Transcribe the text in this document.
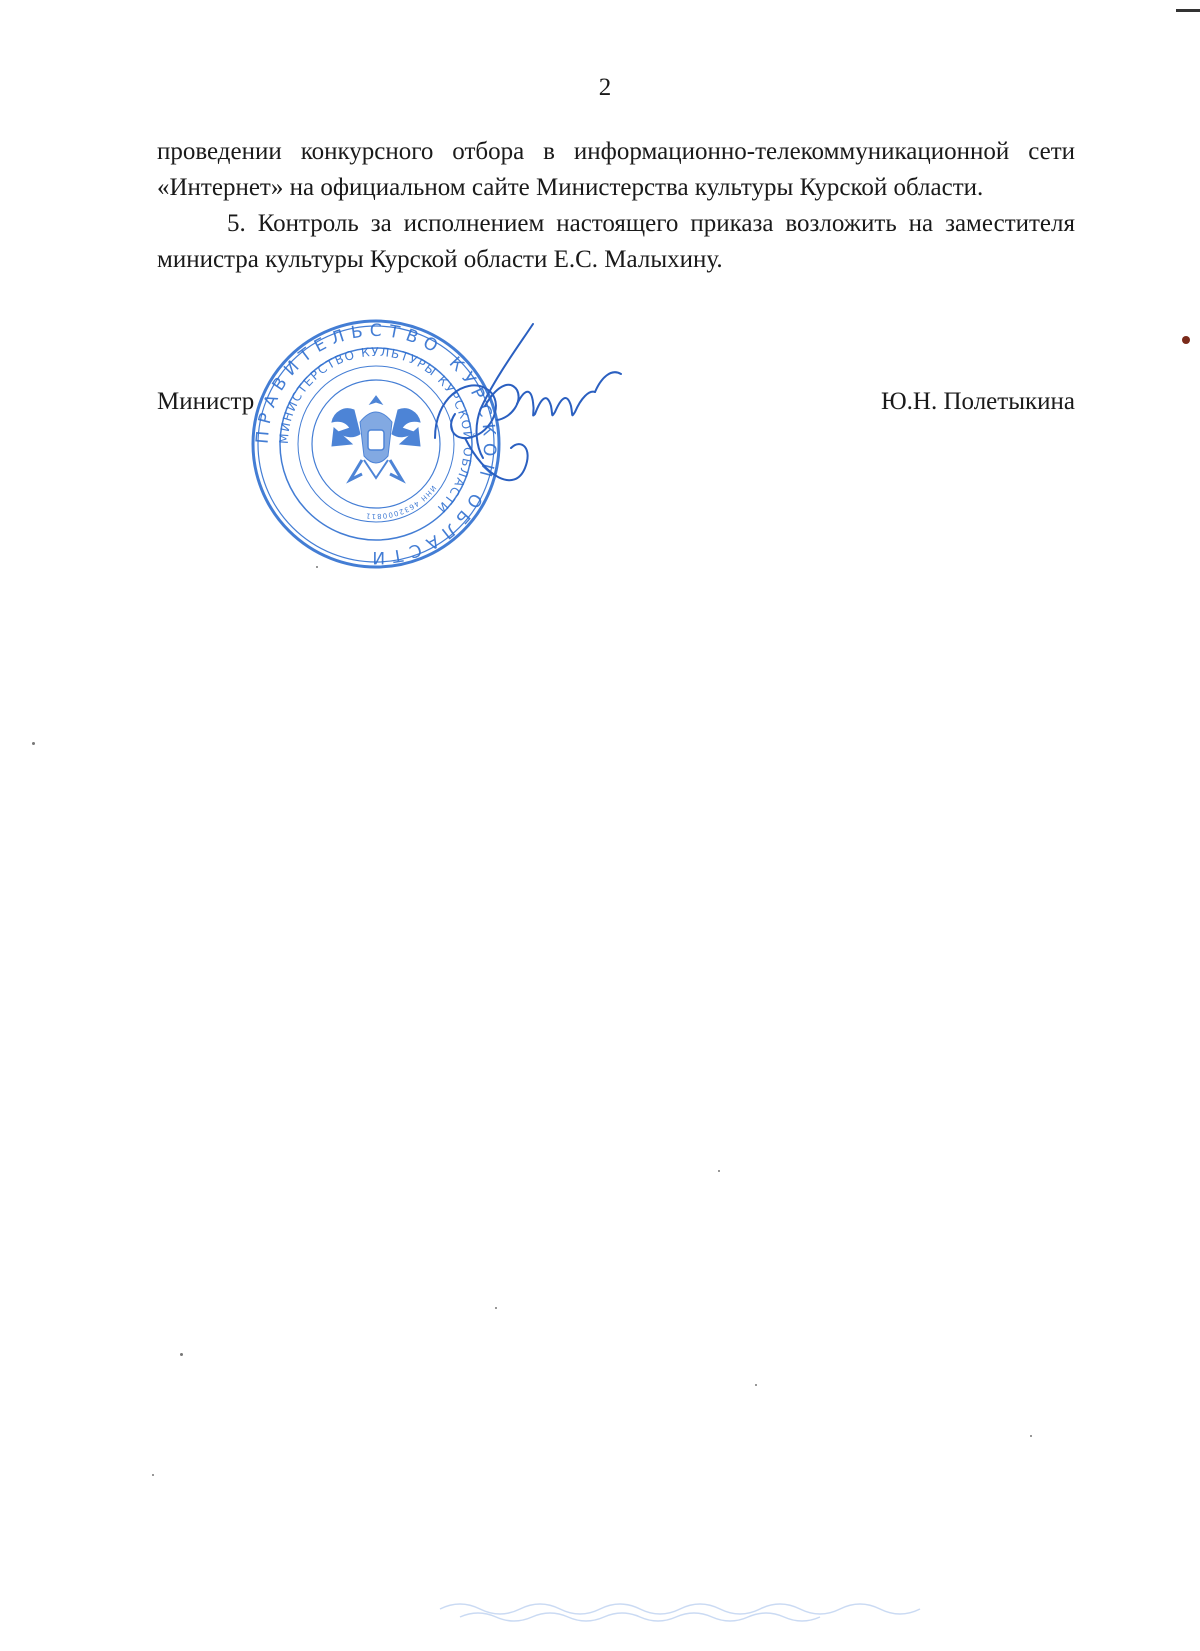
2

проведении конкурсного отбора в информационно-телекоммуникационной сети «Интернет» на официальном сайте Министерства культуры Курской области.

5. Контроль за исполнением настоящего приказа возложить на заместителя министра культуры Курской области Е.С. Малыхину.

Министр	Ю.Н. Полетыкина
ПРАВИТЕЛЬСТВО КУРСКОЙ ОБЛАСТИ
МИНИСТЕРСТВО КУЛЬТУРЫ КУРСКОЙ ОБЛАСТИ
ИНН 4632000811
